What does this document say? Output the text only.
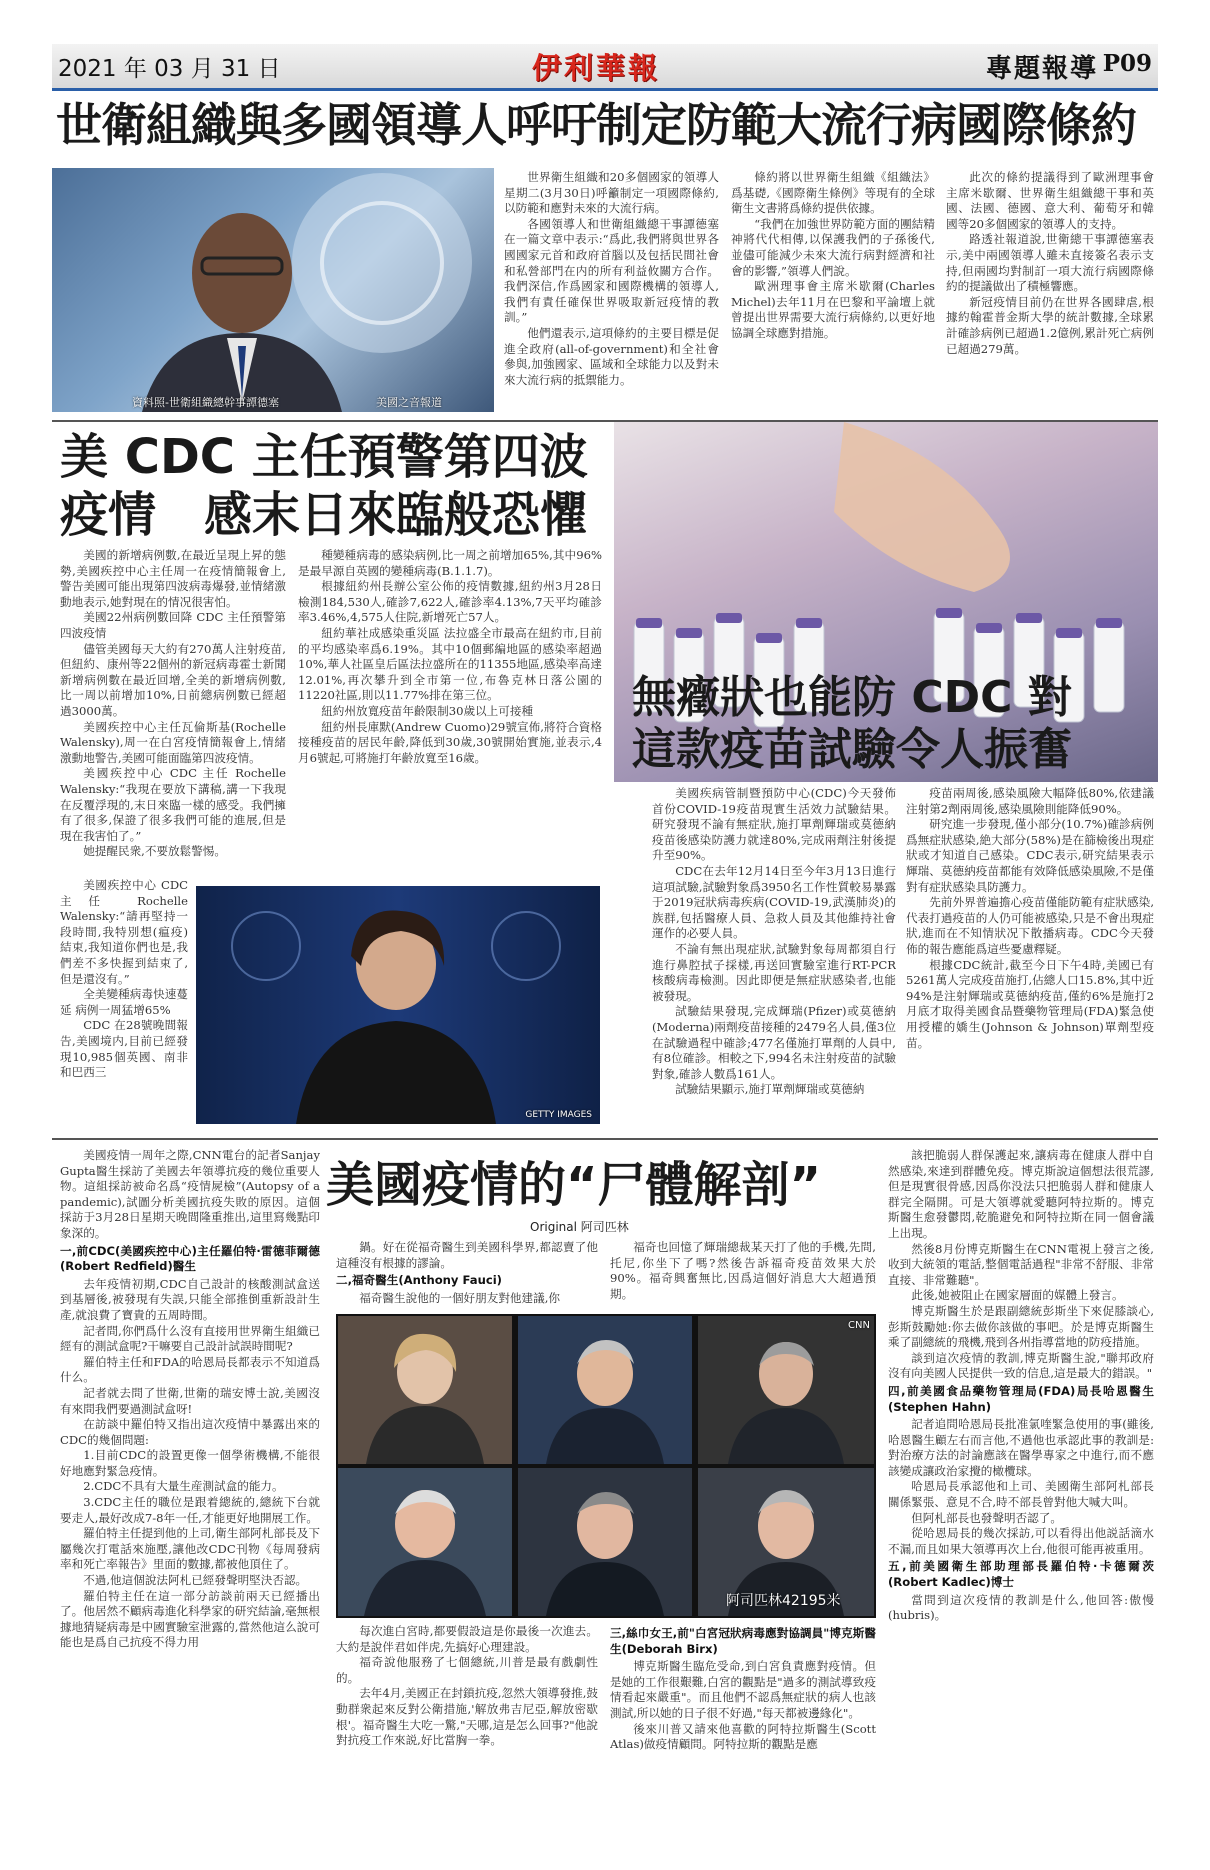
2021 年 03 月 31 日	伊利華報	專題報導 P09
世衛組織與多國領導人呼吁制定防範大流行病國際條約
資料照-世衛組織總幹事譚德塞	美國之音報道

世界衛生組織和20多個國家的領導人星期二(3月30日)呼籲制定一項國際條約,以防範和應對未來的大流行病。

各國領導人和世衛組織總干事譚德塞在一篇文章中表示:“爲此,我們將與世界各國國家元首和政府首腦以及包括民間社會和私營部門在内的所有利益攸關方合作。我們深信,作爲國家和國際機構的領導人,我們有責任確保世界吸取新冠疫情的教訓。”

他們還表示,這項條約的主要目標是促進全政府(all-of-government)和全社會參與,加強國家、區域和全球能力以及對未來大流行病的抵禦能力。

條約將以世界衛生組織《組織法》爲基礎,《國際衛生條例》等現有的全球衛生文書將爲條約提供依據。

“我們在加強世界防範方面的團結精神將代代相傳,以保護我們的子孫後代,並儘可能減少未來大流行病對經濟和社會的影響,”領導人們說。

歐洲理事會主席米歇爾(Charles Michel)去年11月在巴黎和平論壇上就曾提出世界需要大流行病條約,以更好地協調全球應對措施。

此次的條約提議得到了歐洲理事會主席米歇爾、世界衛生組織總干事和英國、法國、德國、意大利、葡萄牙和韓國等20多個國家的領導人的支持。

路透社報道說,世衛總干事譚德塞表示,美中兩國領導人雖未直接簽名表示支持,但兩國均對制訂一項大流行病國際條約的提議做出了積極響應。

新冠疫情目前仍在世界各國肆虐,根據約翰霍普金斯大學的統計數據,全球累計確診病例已超過1.2億例,累計死亡病例已超過279萬。

美 CDC 主任預警第四波
疫情　感末日來臨般恐懼

美國的新增病例數,在最近呈現上昇的態勢,美國疾控中心主任周一在疫情簡報會上,警告美國可能出現第四波病毒爆發,並情緒激動地表示,她對現在的情况很害怕。

美國22州病例數回降 CDC 主任預警第四波疫情

儘管美國每天大約有270萬人注射疫苗,但紐約、康州等22個州的新冠病毒霍士新聞新增病例數在最近回增,全美的新增病例數,比一周以前增加10%,日前總病例數已經超過3000萬。

美國疾控中心主任瓦倫斯基(Rochelle Walensky),周一在白宮疫情簡報會上,情緒激動地警告,美國可能面臨第四波疫情。

美國疾控中心 CDC 主任 Rochelle Walensky:“我現在要放下講稿,講一下我現在反覆浮現的,末日來臨一樣的感受。我們擁有了很多,保證了很多我們可能的進展,但是現在我害怕了。”

她提醒民衆,不要放鬆警惕。

美國疾控中心 CDC 主任 Rochelle Walensky:“請再堅持一段時間,我特別想(瘟疫)結束,我知道你們也是,我們差不多快握到結束了,但是還沒有。”

全美變種病毒快速蔓延 病例一周猛增65%

CDC 在28號晚間報告,美國境内,目前已經發現10,985個英國、南非和巴西三

種變種病毒的感染病例,比一周之前增加65%,其中96%是最早源自英國的變種病毒(B.1.1.7)。

根據紐約州長辦公室公佈的疫情數據,紐約州3月28日檢測184,530人,確診7,622人,確診率4.13%,7天平均確診率3.46%,4,575人住院,新增死亡57人。

紐約華社成感染重災區 法拉盛全市最高在紐約市,目前的平均感染率爲6.19%。其中10個郵編地區的感染率超過10%,華人社區皇后區法拉盛所在的11355地區,感染率高達12.01%,再次攀升到全市第一位,布魯克林日落公園的11220社區,則以11.77%排在第三位。

紐約州放寬疫苗年齡限制30歲以上可接種

紐約州長庫默(Andrew Cuomo)29號宣佈,將符合資格接種疫苗的居民年齡,降低到30歲,30號開始實施,並表示,4月6號起,可將施打年齡放寬至16歲。

GETTY IMAGES
無癥狀也能防 CDC 對
這款疫苗試驗令人振奮

美國疾病管制暨預防中心(CDC)今天發佈首份COVID-19疫苗現實生活效力試驗結果。研究發現不論有無症狀,施打單劑輝瑞或莫德納疫苗後感染防護力就達80%,完成兩劑注射後提升至90%。

CDC在去年12月14日至今年3月13日進行這項試驗,試驗對象爲3950名工作性質較易暴露于2019冠狀病毒疾病(COVID-19,武漢肺炎)的族群,包括醫療人員、急救人員及其他維持社會運作的必要人員。

不論有無出現症狀,試驗對象每周都須自行進行鼻腔拭子採樣,再送回實驗室進行RT-PCR核酸病毒檢測。因此即便是無症狀感染者,也能被發現。

試驗結果發現,完成輝瑞(Pfizer)或莫德納(Moderna)兩劑疫苗接種的2479名人員,僅3位在試驗過程中確診;477名僅施打單劑的人員中,有8位確診。相較之下,994名未注射疫苗的試驗對象,確診人數爲161人。

試驗結果顯示,施打單劑輝瑞或莫德納

疫苗兩周後,感染風險大幅降低80%,依建議注射第2劑兩周後,感染風險則能降低90%。

研究進一步發現,僅小部分(10.7%)確診病例爲無症狀感染,絶大部分(58%)是在篩檢後出現症狀或才知道自己感染。CDC表示,研究結果表示輝瑞、莫德納疫苗都能有效降低感染風險,不是僅對有症狀感染具防護力。

先前外界普遍擔心疫苗僅能防範有症狀感染,代表打過疫苗的人仍可能被感染,只是不會出現症狀,進而在不知情狀况下散播病毒。CDC今天發佈的報告應能爲這些憂慮釋疑。

根據CDC統計,截至今日下午4時,美國已有5261萬人完成疫苗施打,佔總人口15.8%,其中近94%是注射輝瑞或莫德納疫苗,僅約6%是施打2月底才取得美國食品暨藥物管理局(FDA)緊急使用授權的嬌生(Johnson & Johnson)單劑型疫苗。

美國疫情的“尸體解剖”
Original 阿司匹林

美國疫情一周年之際,CNN電台的記者Sanjay Gupta醫生採訪了美國去年領導抗疫的幾位重要人物。這組採訪被命名爲“疫情屍檢”(Autopsy of a pandemic),試圖分析美國抗疫失敗的原因。這個採訪于3月28日星期天晚間隆重推出,這里寫幾點印象深的。

一,前CDC(美國疾控中心)主任羅伯特·雷德菲爾德(Robert Redfield)醫生

去年疫情初期,CDC自己設計的核酸測試盒送到基層後,被發現有失誤,只能全部推倒重新設計生產,就浪費了寶貴的五周時間。

記者問,你們爲什么沒有直接用世界衛生組織已經有的測試盒呢?干嘛要自己設計試誤時間呢?

羅伯特主任和FDA的哈恩局長都表示不知道爲什么。

記者就去問了世衛,世衛的瑞安博士說,美國沒有來問我們要過測試盒呀!

在訪談中羅伯特又指出這次疫情中暴露出來的CDC的幾個問題:

1.目前CDC的設置更像一個學術機構,不能很好地應對緊急疫情。

2.CDC不具有大量生産測試盒的能力。

3.CDC主任的職位是跟着總統的,總統下台就要走人,最好改成7-8年一任,才能更好地開展工作。

羅伯特主任提到他的上司,衛生部阿札部長及下屬幾次打電話來施壓,讓他改CDC刊物《每周發病率和死亡率報告》里面的數據,都被他頂住了。

不過,他這個說法阿札已經發聲明堅決否認。

羅伯特主任在這一部分訪談前兩天已經播出了。他居然不顧病毒進化科學家的研究結論,毫無根據地猜疑病毒是中國實驗室泄露的,當然他這么說可能也是爲自己抗疫不得力用

鍋。好在從福奇醫生到美國科學界,都認賣了他這種沒有根據的謬論。

二,福奇醫生(Anthony Fauci)

福奇醫生說他的一個好朋友對他建議,你

福奇也回憶了輝瑞總裁某天打了他的手機,先問,托尼,你坐下了嗎?然後告訴福奇疫苗效果大於90%。福奇興奮無比,因爲這個好消息大大超過預期。

CNN
阿司匹林42195米

每次進白宮時,都要假設這是你最後一次進去。大約是說伴君如伴虎,先搞好心理建設。

福奇說他服務了七個總統,川普是最有戲劇性的。

去年4月,美國正在封鎖抗疫,忽然大領導發推,鼓動群衆起來反對公衛措施,'解放弗吉尼亞,解放密歇根'。福奇醫生大吃一驚,"天哪,這是怎么回事?"他說對抗疫工作來説,好比當胸一拳。

三,絲巾女王,前"白宮冠狀病毒應對協調員"博克斯醫生(Deborah Birx)

博克斯醫生臨危受命,到白宮負責應對疫情。但是她的工作很艱難,白宮的觀點是"過多的測試導致疫情看起來嚴重"。而且他們不認爲無症狀的病人也該測試,所以她的日子很不好過,"每天都被邊緣化"。

後來川普又請來他喜歡的阿特拉斯醫生(Scott Atlas)做疫情顧問。阿特拉斯的觀點是應

該把脆弱人群保護起來,讓病毒在健康人群中自然感染,來達到群體免疫。博克斯說這個想法很荒謬,但是現實很骨感,因爲你没法只把脆弱人群和健康人群完全隔開。可是大領導就愛聽阿特拉斯的。博克斯醫生愈發鬱悶,乾脆避免和阿特拉斯在同一個會議上出現。

然後8月份博克斯醫生在CNN電視上發言之後,收到大統領的電話,整個電話過程"非常不舒服、非常直接、非常難聽"。

此後,她被阻止在國家層面的媒體上發言。

博克斯醫生於是跟副總統彭斯坐下來促膝談心,彭斯鼓勵她:你去做你該做的事吧。於是博克斯醫生乘了副總統的飛機,飛到各州指導當地的防疫措施。

談到這次疫情的教訓,博克斯醫生說,"聯邦政府沒有向美國人民提供一致的信息,這是最大的錯誤。"

四,前美國食品藥物管理局(FDA)局長哈恩醫生(Stephen Hahn)

記者追問哈恩局長批准氯喹緊急使用的事(雖後,哈恩醫生顧左右而言他,不過他也承認此事的教訓是:對治療方法的討論應該在醫學專家之中進行,而不應該變成讓政治家攪的橄欖球。

哈恩局長承認他和上司、美國衛生部阿札部長關係緊張、意見不合,時不部長曾對他大喊大叫。

但阿札部長也發聲明否認了。

從哈恩局長的幾次採訪,可以看得出他説話滴水不漏,而且如果大領導再次上台,他很可能再被重用。

五,前美國衛生部助理部長羅伯特·卡德爾茨(Robert Kadlec)博士

當問到這次疫情的教訓是什么,他回答:傲慢(hubris)。
